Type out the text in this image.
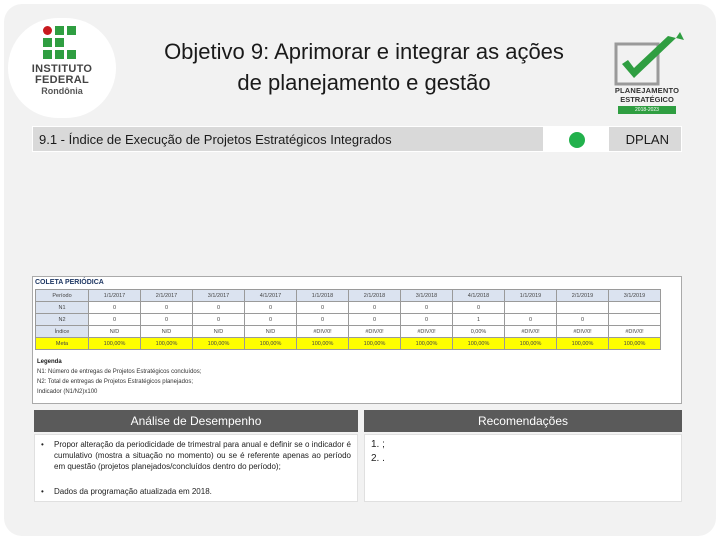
INSTITUTO
FEDERAL
Rondônia
Objetivo 9: Aprimorar e integrar as ações
de planejamento e gestão	PLANEJAMENTO
ESTRATÉGICO
2018-2023
9.1 - Índice de Execução de Projetos Estratégicos Integrados	DPLAN
COLETA PERIÓDICA
Período	1/1/2017	2/1/2017	3/1/2017	4/1/2017	1/1/2018	2/1/2018	3/1/2018	4/1/2018	1/1/2019	2/1/2019	3/1/2019
N1	0	0	0	0	0	0	0	0			
N2	0	0	0	0	0	0	0	1	0	0	
Índice	N/D	N/D	N/D	N/D	#DIV/0!	#DIV/0!	#DIV/0!	0,00%	#DIV/0!	#DIV/0!	#DIV/0!
Meta	100,00%	100,00%	100,00%	100,00%	100,00%	100,00%	100,00%	100,00%	100,00%	100,00%	100,00%
Legenda
N1: Número de entregas de Projetos Estratégicos concluídos;
N2: Total de entregas de Projetos Estratégicos planejados;
Indicador (N1/N2)x100
Análise de Desempenho
• Propor alteração da periodicidade de trimestral para anual e definir se o indicador é cumulativo (mostra a situação no momento) ou se é referente apenas ao período em questão (projetos planejados/concluídos dentro do período);
• Dados da programação atualizada em 2018.
Recomendações
1. ;
2. .
